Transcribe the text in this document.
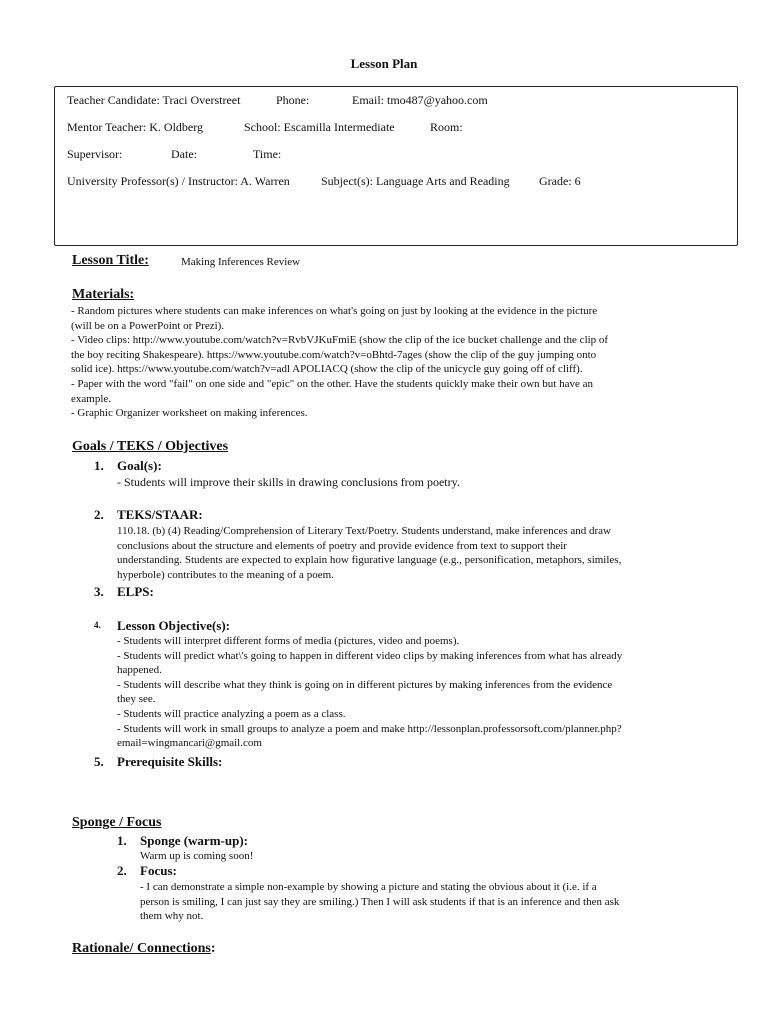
Lesson Plan
Teacher Candidate: Traci Overstreet	Phone:	Email: tmo487@yahoo.com
Mentor Teacher: K. Oldberg	School: Escamilla Intermediate	Room:
Supervisor:	Date:	Time:
University Professor(s) / Instructor: A. Warren	Subject(s): Language Arts and Reading Grade: 6
Lesson Title:	Making Inferences Review
Materials:
- Random pictures where students can make inferences on what's going on just by looking at the evidence in the picture
(will be on a PowerPoint or Prezi).
- Video clips: http://www.youtube.com/watch?v=RvbVJKuFmiE (show the clip of the ice bucket challenge and the clip of
the boy reciting Shakespeare). https://www.youtube.com/watch?v=oBhtd-7ages (show the clip of the guy jumping onto
solid ice). https://www.youtube.com/watch?v=adl APOLIACQ (show the clip of the unicycle guy going off of cliff).
- Paper with the word "fail" on one side and "epic" on the other. Have the students quickly make their own but have an
example.
- Graphic Organizer worksheet on making inferences.
Goals / TEKS / Objectives
1. Goal(s):
- Students will improve their skills in drawing conclusions from poetry.
2. TEKS/STAAR:
110.18. (b) (4) Reading/Comprehension of Literary Text/Poetry. Students understand, make inferences and draw
conclusions about the structure and elements of poetry and provide evidence from text to support their
understanding. Students are expected to explain how figurative language (e.g., personification, metaphors, similes,
hyperbole) contributes to the meaning of a poem.
3. ELPS:
4. Lesson Objective(s):
- Students will interpret different forms of media (pictures, video and poems).
- Students will predict what\'s going to happen in different video clips by making inferences from what has already
happened.
- Students will describe what they think is going on in different pictures by making inferences from the evidence
they see.
- Students will practice analyzing a poem as a class.
- Students will work in small groups to analyze a poem and make http://lessonplan.professorsoft.com/planner.php?
email=wingmancari@gmail.com
5. Prerequisite Skills:
Sponge / Focus
1. Sponge (warm-up):
Warm up is coming soon!
2. Focus:
- I can demonstrate a simple non-example by showing a picture and stating the obvious about it (i.e. if a
person is smiling, I can just say they are smiling.) Then I will ask students if that is an inference and then ask
them why not.
Rationale/ Connections:
